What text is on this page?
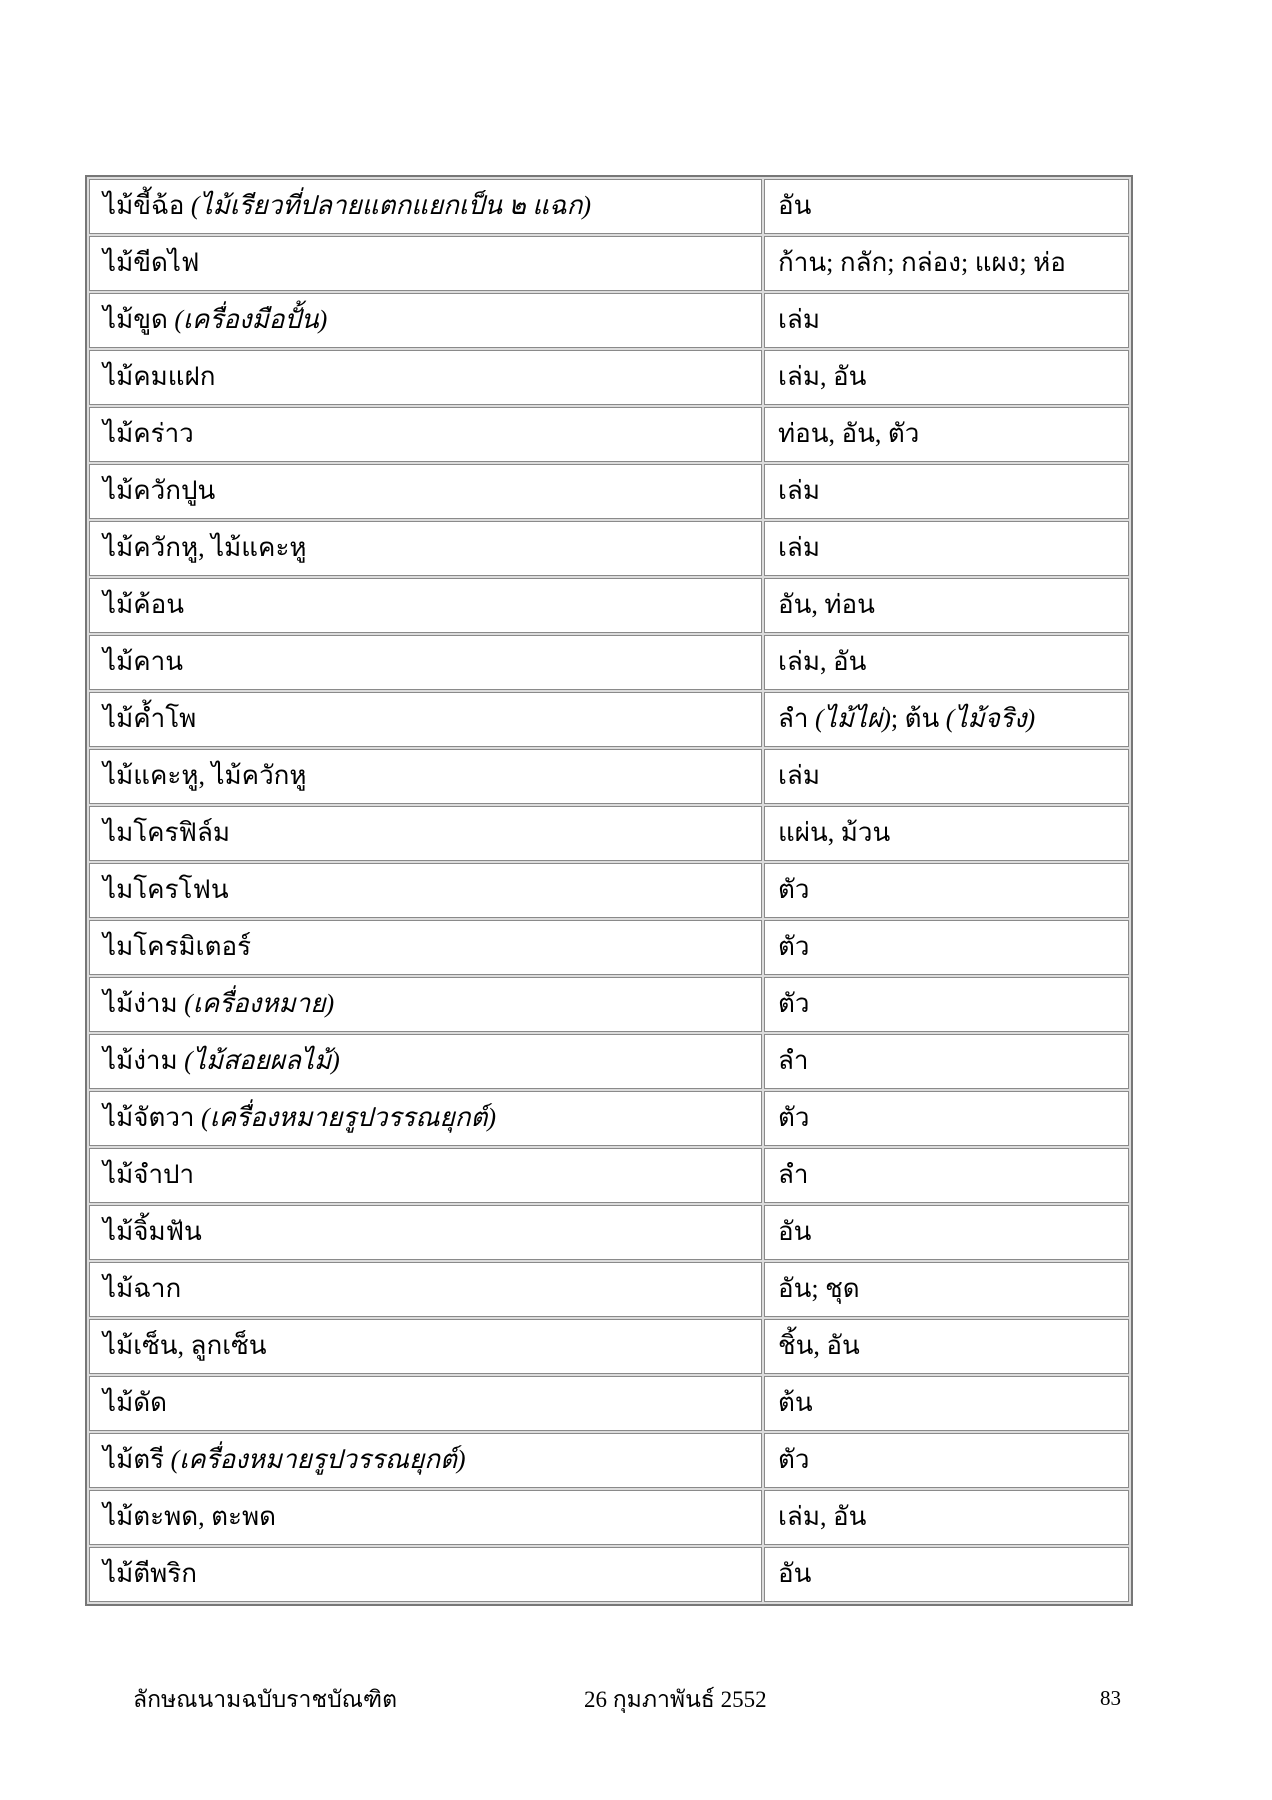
ไม้ขี้ฉ้อ (ไม้เรียวที่ปลายแตกแยกเป็น ๒ แฉก)	อัน
ไม้ขีดไฟ	ก้าน; กลัก; กล่อง; แผง; ห่อ
ไม้ขูด (เครื่องมือปั้น)	เล่ม
ไม้คมแฝก	เล่ม, อัน
ไม้คร่าว	ท่อน, อัน, ตัว
ไม้ควักปูน	เล่ม
ไม้ควักหู, ไม้แคะหู	เล่ม
ไม้ค้อน	อัน, ท่อน
ไม้คาน	เล่ม, อัน
ไม้ค้ำโพ	ลำ (ไม้ไผ่); ต้น (ไม้จริง)
ไม้แคะหู, ไม้ควักหู	เล่ม
ไมโครฟิล์ม	แผ่น, ม้วน
ไมโครโฟน	ตัว
ไมโครมิเตอร์	ตัว
ไม้ง่าม (เครื่องหมาย)	ตัว
ไม้ง่าม (ไม้สอยผลไม้)	ลำ
ไม้จัตวา (เครื่องหมายรูปวรรณยุกต์)	ตัว
ไม้จำปา	ลำ
ไม้จิ้มฟัน	อัน
ไม้ฉาก	อัน; ชุด
ไม้เซ็น, ลูกเซ็น	ชิ้น, อัน
ไม้ดัด	ต้น
ไม้ตรี (เครื่องหมายรูปวรรณยุกต์)	ตัว
ไม้ตะพด, ตะพด	เล่ม, อัน
ไม้ตีพริก	อัน
ลักษณนามฉบับราชบัณฑิต	26 กุมภาพันธ์ 2552	83
